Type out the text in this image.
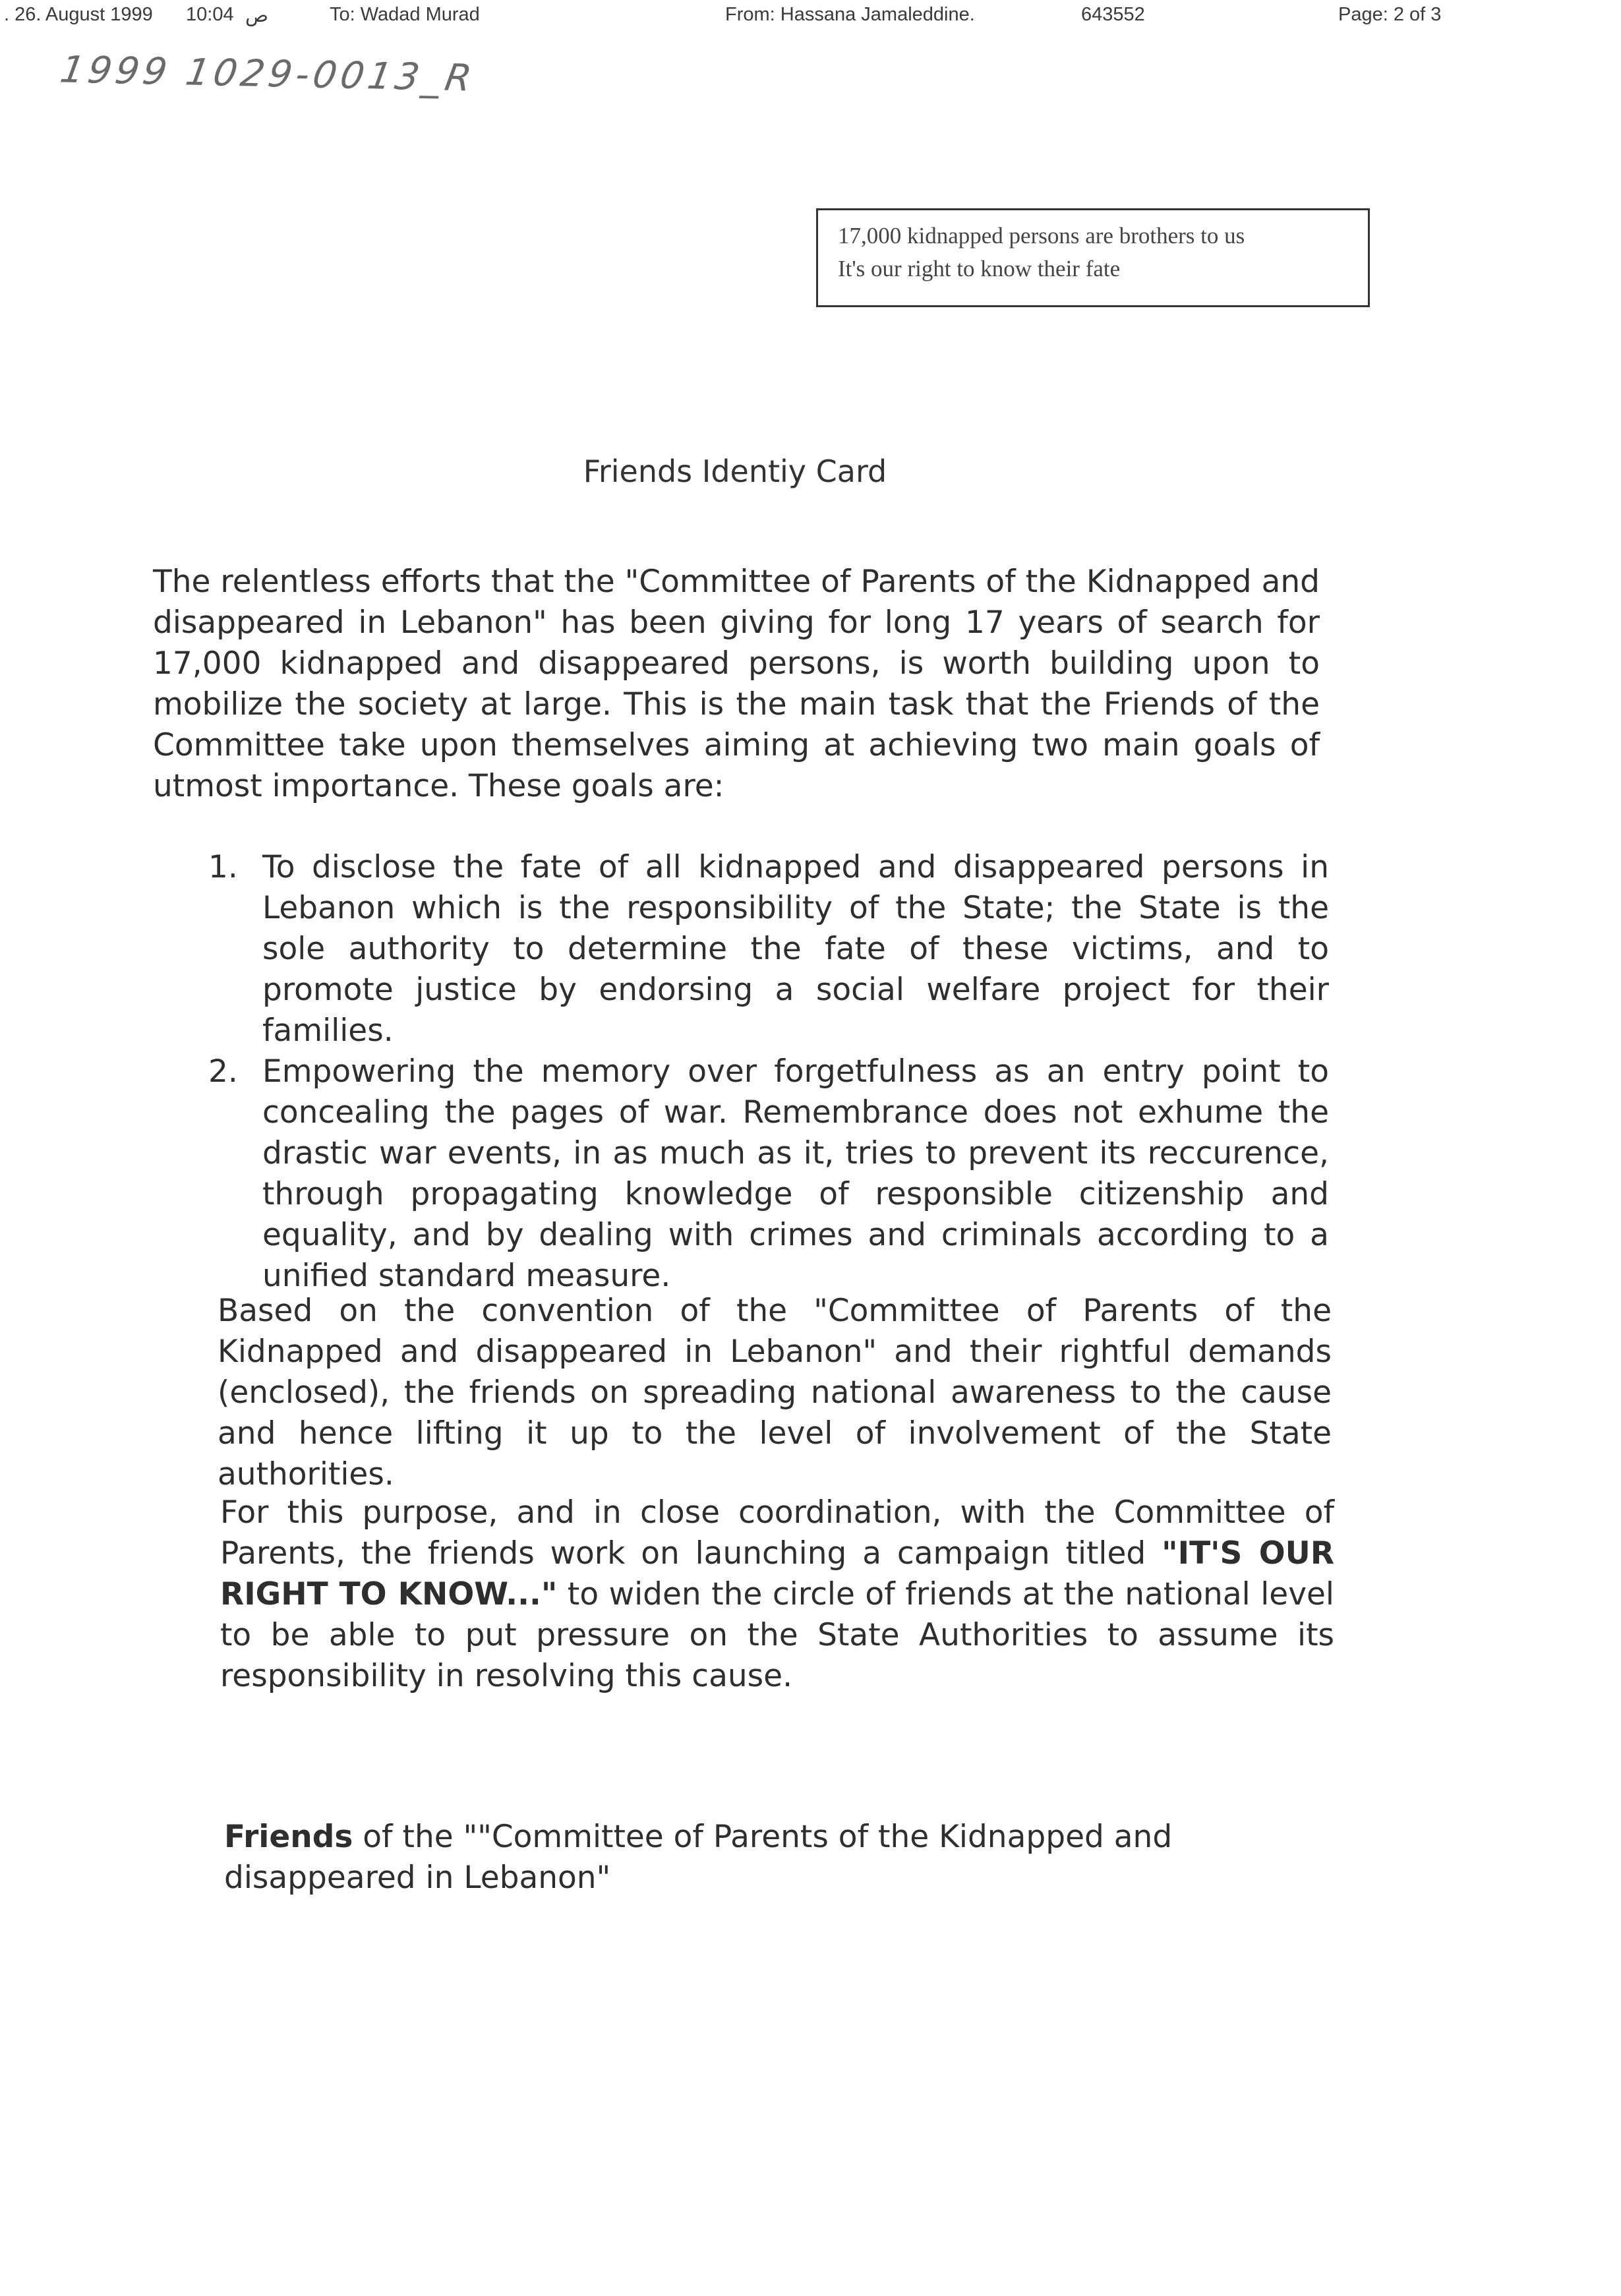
. 26. August 1999 10:04 ص	To: Wadad Murad	From: Hassana Jamaleddine.	643552	Page: 2 of 3
1999 1029-0013_R
17,000 kidnapped persons are brothers to us
It's our right to know their fate
Friends Identiy Card
The relentless efforts that the "Committee of Parents of the Kidnapped and disappeared in Lebanon" has been giving for long 17 years of search for 17,000 kidnapped and disappeared persons, is worth building upon to mobilize the society at large. This is the main task that the Friends of the Committee take upon themselves aiming at achieving two main goals of utmost importance. These goals are:
1. To disclose the fate of all kidnapped and disappeared persons in Lebanon which is the responsibility of the State; the State is the sole authority to determine the fate of these victims, and to promote justice by endorsing a social welfare project for their families.
2. Empowering the memory over forgetfulness as an entry point to concealing the pages of war. Remembrance does not exhume the drastic war events, in as much as it, tries to prevent its reccurence, through propagating knowledge of responsible citizenship and equality, and by dealing with crimes and criminals according to a unified standard measure.
Based on the convention of the "Committee of Parents of the Kidnapped and disappeared in Lebanon" and their rightful demands (enclosed), the friends on spreading national awareness to the cause and hence lifting it up to the level of involvement of the State authorities.
For this purpose, and in close coordination, with the Committee of Parents, the friends work on launching a campaign titled "IT'S OUR RIGHT TO KNOW..." to widen the circle of friends at the national level to be able to put pressure on the State Authorities to assume its responsibility in resolving this cause.
Friends of the ""Committee of Parents of the Kidnapped and disappeared in Lebanon"
